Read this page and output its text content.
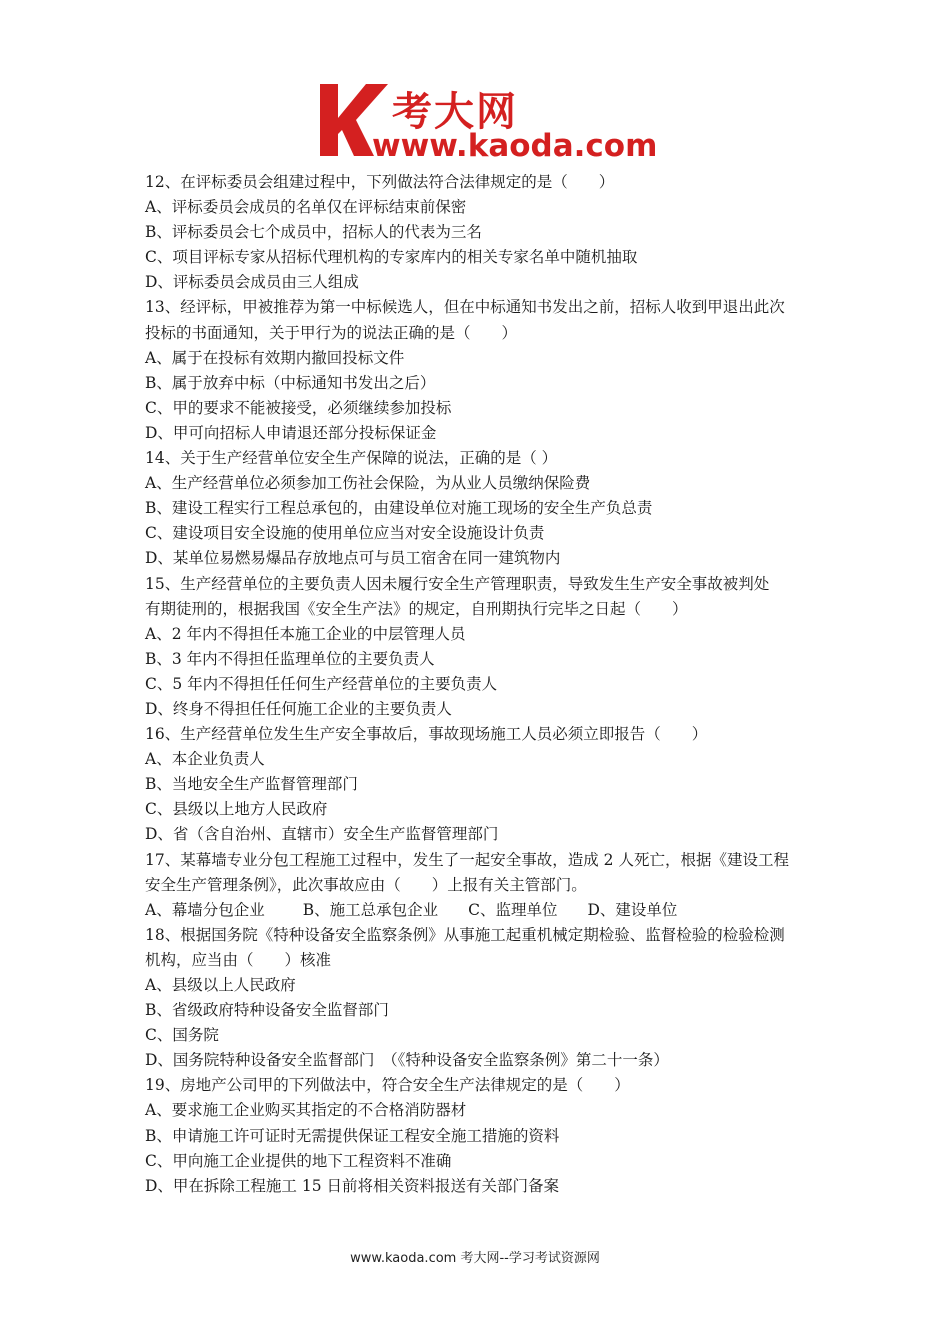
考大网
www.kaoda.com
12、在评标委员会组建过程中，下列做法符合法律规定的是（　　）
A、评标委员会成员的名单仅在评标结束前保密
B、评标委员会七个成员中，招标人的代表为三名
C、项目评标专家从招标代理机构的专家库内的相关专家名单中随机抽取
D、评标委员会成员由三人组成
13、经评标，甲被推荐为第一中标候选人，但在中标通知书发出之前，招标人收到甲退出此次
投标的书面通知，关于甲行为的说法正确的是（　　）
A、属于在投标有效期内撤回投标文件
B、属于放弃中标（中标通知书发出之后）
C、甲的要求不能被接受，必须继续参加投标
D、甲可向招标人申请退还部分投标保证金
14、关于生产经营单位安全生产保障的说法，正确的是（ ）
A、生产经营单位必须参加工伤社会保险，为从业人员缴纳保险费
B、建设工程实行工程总承包的，由建设单位对施工现场的安全生产负总责
C、建设项目安全设施的使用单位应当对安全设施设计负责
D、某单位易燃易爆品存放地点可与员工宿舍在同一建筑物内
15、生产经营单位的主要负责人因未履行安全生产管理职责，导致发生生产安全事故被判处
有期徒刑的，根据我国《安全生产法》的规定，自刑期执行完毕之日起（　　）
A、2 年内不得担任本施工企业的中层管理人员
B、3 年内不得担任监理单位的主要负责人
C、5 年内不得担任任何生产经营单位的主要负责人
D、终身不得担任任何施工企业的主要负责人
16、生产经营单位发生生产安全事故后，事故现场施工人员必须立即报告（　　）
A、本企业负责人
B、当地安全生产监督管理部门
C、县级以上地方人民政府
D、省（含自治州、直辖市）安全生产监督管理部门
17、某幕墙专业分包工程施工过程中，发生了一起安全事故，造成 2 人死亡，根据《建设工程
安全生产管理条例》，此次事故应由（　　）上报有关主管部门。
A、幕墙分包企业 B、施工总承包企业 C、监理单位 D、建设单位
18、根据国务院《特种设备安全监察条例》从事施工起重机械定期检验、监督检验的检验检测
机构，应当由（　　）核准
A、县级以上人民政府
B、省级政府特种设备安全监督部门
C、国务院
D、国务院特种设备安全监督部门　（《特种设备安全监察条例》第二十一条）
19、房地产公司甲的下列做法中，符合安全生产法律规定的是（　　）
A、要求施工企业购买其指定的不合格消防器材
B、申请施工许可证时无需提供保证工程安全施工措施的资料
C、甲向施工企业提供的地下工程资料不准确
D、甲在拆除工程施工 15 日前将相关资料报送有关部门备案
www.kaoda.com 考大网--学习考试资源网
